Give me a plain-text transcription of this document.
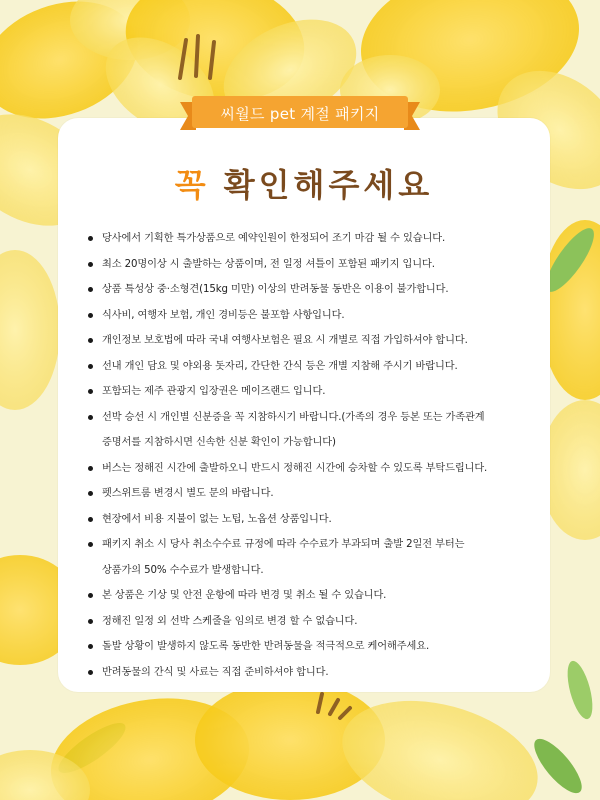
씨월드 pet 계절 패키지
꼭 확인해주세요
당사에서 기획한 특가상품으로 예약인원이 한정되어 조기 마감 될 수 있습니다.
최소 20명이상 시 출발하는 상품이며, 전 일정 셔틀이 포함된 패키지 입니다.
상품 특성상 중·소형견(15kg 미만) 이상의 반려동물 동반은 이용이 불가합니다.
식사비, 여행자 보험, 개인 경비등은 불포함 사항입니다.
개인정보 보호법에 따라 국내 여행사보험은 필요 시 개별로 직접 가입하셔야 합니다.
선내 개인 담요 및 야외용 돗자리, 간단한 간식 등은 개별 지참해 주시기 바랍니다.
포함되는 제주 관광지 입장권은 메이즈랜드 입니다.
선박 승선 시 개인별 신분증을 꼭 지참하시기 바랍니다.(가족의 경우 등본 또는 가족관계
증명서를 지참하시면 신속한 신분 확인이 가능합니다)
버스는 정해진 시간에 출발하오니 반드시 정해진 시간에 승차할 수 있도록 부탁드립니다.
펫스위트룸 변경시 별도 문의 바랍니다.
현장에서 비용 지불이 없는 노팁, 노옵션 상품입니다.
패키지 취소 시 당사 취소수수료 규정에 따라 수수료가 부과되며 출발 2일전 부터는
상품가의 50% 수수료가 발생합니다.
본 상품은 기상 및 안전 운항에 따라 변경 및 취소 될 수 있습니다.
정해진 일정 외 선박 스케줄을 임의로 변경 할 수 없습니다.
돌발 상황이 발생하지 않도록 동반한 반려동물을 적극적으로 케어해주세요.
반려동물의 간식 및 사료는 직접 준비하셔야 합니다.
